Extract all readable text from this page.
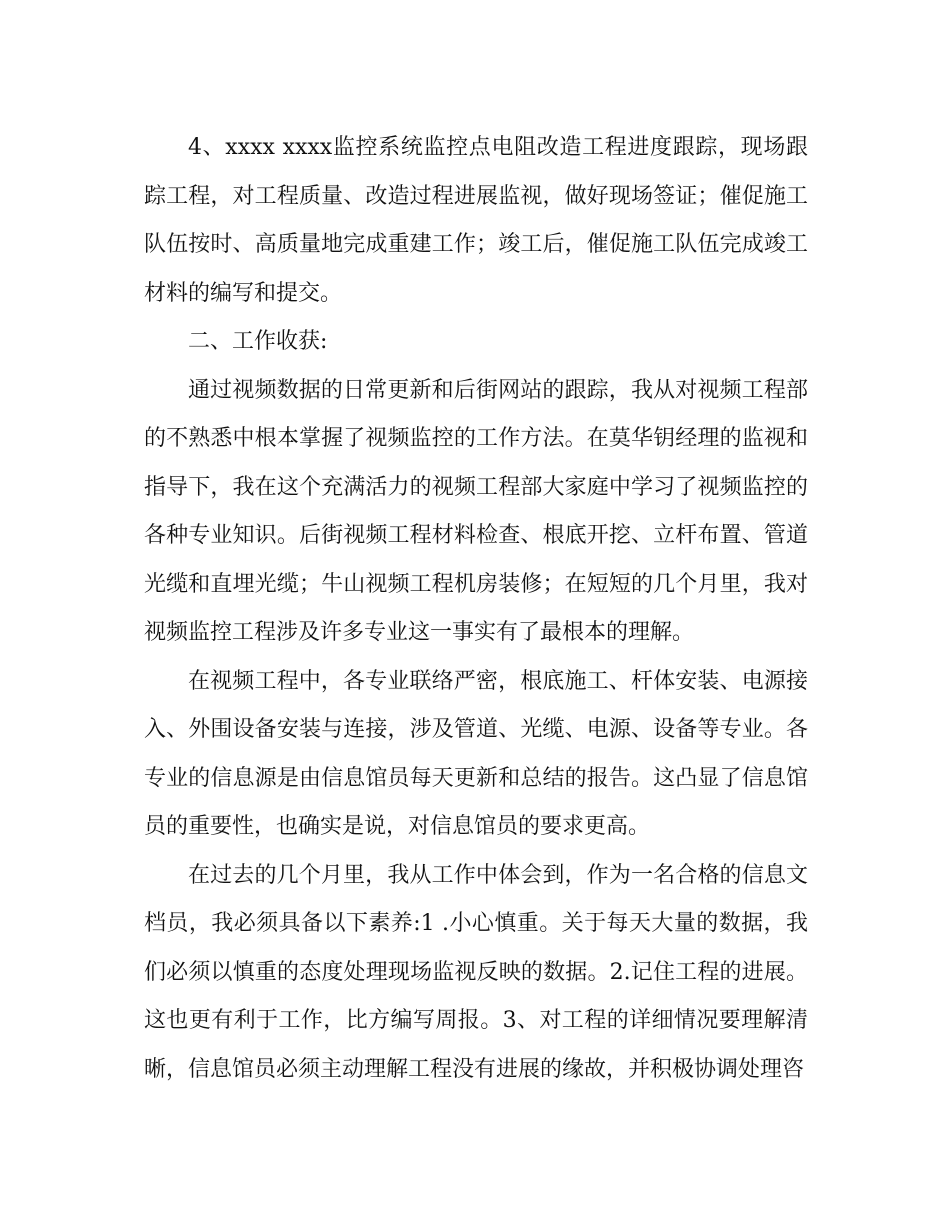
4、xxxx xxxx监控系统监控点电阻改造工程进度跟踪，现场跟踪工程，对工程质量、改造过程进展监视，做好现场签证；催促施工队伍按时、高质量地完成重建工作；竣工后，催促施工队伍完成竣工材料的编写和提交。

二、工作收获:

通过视频数据的日常更新和后街网站的跟踪，我从对视频工程部的不熟悉中根本掌握了视频监控的工作方法。在莫华钥经理的监视和指导下，我在这个充满活力的视频工程部大家庭中学习了视频监控的各种专业知识。后街视频工程材料检查、根底开挖、立杆布置、管道光缆和直埋光缆；牛山视频工程机房装修；在短短的几个月里，我对视频监控工程涉及许多专业这一事实有了最根本的理解。

在视频工程中，各专业联络严密，根底施工、杆体安装、电源接入、外围设备安装与连接，涉及管道、光缆、电源、设备等专业。各专业的信息源是由信息馆员每天更新和总结的报告。这凸显了信息馆员的重要性，也确实是说，对信息馆员的要求更高。

在过去的几个月里，我从工作中体会到，作为一名合格的信息文档员，我必须具备以下素养:1 .小心慎重。关于每天大量的数据，我们必须以慎重的态度处理现场监视反映的数据。2.记住工程的进展。这也更有利于工作，比方编写周报。3、对工程的详细情况要理解清晰，信息馆员必须主动理解工程没有进展的缘故，并积极协调处理咨
